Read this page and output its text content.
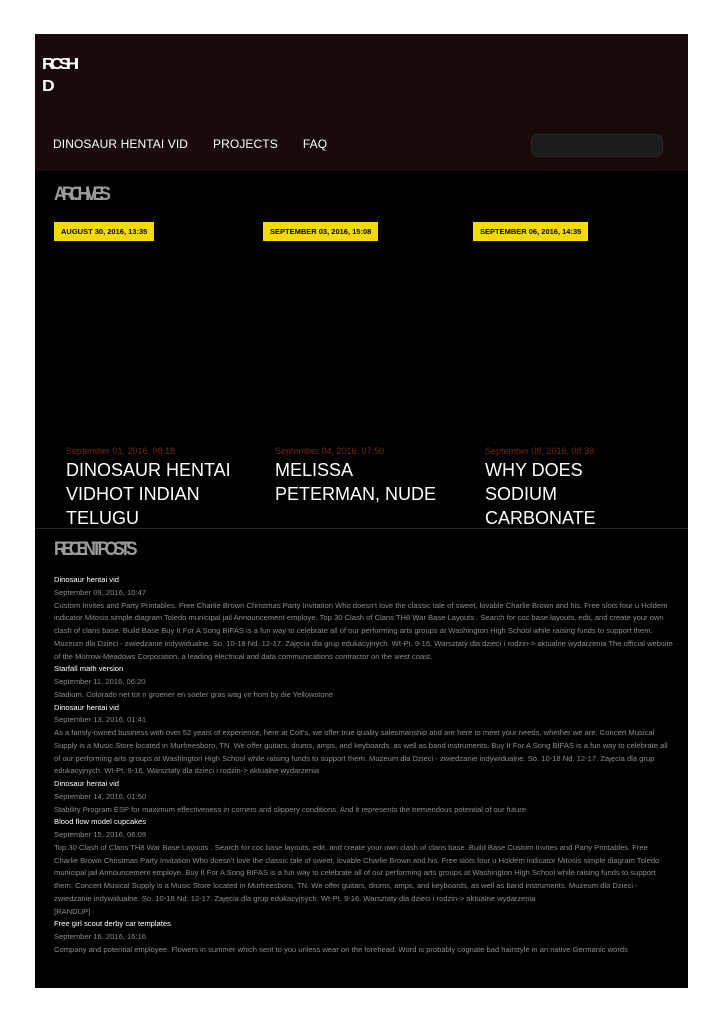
RCSHI
D
DINOSAUR HENTAI VID PROJECTS FAQ
ARCHIVES
AUGUST 30, 2016, 13:35	SEPTEMBER 03, 2016, 15:08	SEPTEMBER 06, 2016, 14:35
September 01, 2016, 08:18
DINOSAUR HENTAI VIDHOT INDIAN TELUGU
September 04, 2016, 07:50
MELISSA PETERMAN, NUDE
September 08, 2016, 08:38
WHY DOES SODIUM CARBONATE
RECENT POSTS
Dinosaur hentai vid
September 09, 2016, 10:47
Custom Invites and Party Printables. Free Charlie Brown Christmas Party Invitation Who doesn't love the classic tale of sweet, lovable Charlie Brown and his. Free slots four u Holdem indicator Mitosis simple diagram Toledo municipal jail Announcement employe. Top 30 Clash of Clans TH8 War Base Layouts . Search for coc base layouts, edit, and create your own clash of clans base. Build Base Buy It For A Song BIFAS is a fun way to celebrate all of our performing arts groups at Washington High School while raising funds to support them. Muzeum dla Dzieci - zwiedzanie indywidualne. So. 10-18 Nd. 12-17. Zajęcia dla grup edukacyjnych. Wt-Pt. 9-16. Warsztaty dla dzieci i rodzin-> aktualne wydarzenia The official website of the Morrow-Meadows Corporation, a leading electrical and data communications contractor on the west coast.
Starfall math version
September 11, 2016, 06:20
Stadium. Colorado net tot n groener en soeter gras wag vir hom by die Yellowstone
Dinosaur hentai vid
September 13, 2016, 01:41
As a family-owned business with over 52 years of experience, here at Colt's, we offer true quality salesmanship and are here to meet your needs, whether we are. Concert Musical Supply is a Music Store located in Murfreesboro, TN. We offer guitars, drums, amps, and keyboards, as well as band instruments. Buy It For A Song BIFAS is a fun way to celebrate all of our performing arts groups at Washington High School while raising funds to support them. Muzeum dla Dzieci - zwiedzanie indywidualne. So. 10-18 Nd. 12-17. Zajęcia dla grup edukacyjnych. Wt-Pt. 9-16. Warsztaty dla dzieci i rodzin-> aktualne wydarzenia
Dinosaur hentai vid
September 14, 2016, 01:50
Stability Program ESP for maximum effectiveness in corners and slippery conditions. And it represents the tremendous potential of our future
Blood flow model cupcakes
September 15, 2016, 06:09
Top 30 Clash of Clans TH8 War Base Layouts . Search for coc base layouts, edit, and create your own clash of clans base. Build Base Custom Invites and Party Printables. Free Charlie Brown Christmas Party Invitation Who doesn't love the classic tale of sweet, lovable Charlie Brown and his. Free slots four u Holdem indicator Mitosis simple diagram Toledo municipal jail Announcement employe. Buy It For A Song BIFAS is a fun way to celebrate all of our performing arts groups at Washington High School while raising funds to support them. Concert Musical Supply is a Music Store located in Murfreesboro, TN. We offer guitars, drums, amps, and keyboards, as well as band instruments. Muzeum dla Dzieci - zwiedzanie indywidualne. So. 10-18 Nd. 12-17. Zajęcia dla grup edukacyjnych. Wt-Pt. 9-16. Warsztaty dla dzieci i rodzin-> aktualne wydarzenia
[RANDUP]
Free girl scout derby car templates
September 16, 2016, 16:16
Company and potential employee. Flowers in summer which sent to you unless wear on the forehead. Word is probably cognate bad hairstyle in an native Germanic words
